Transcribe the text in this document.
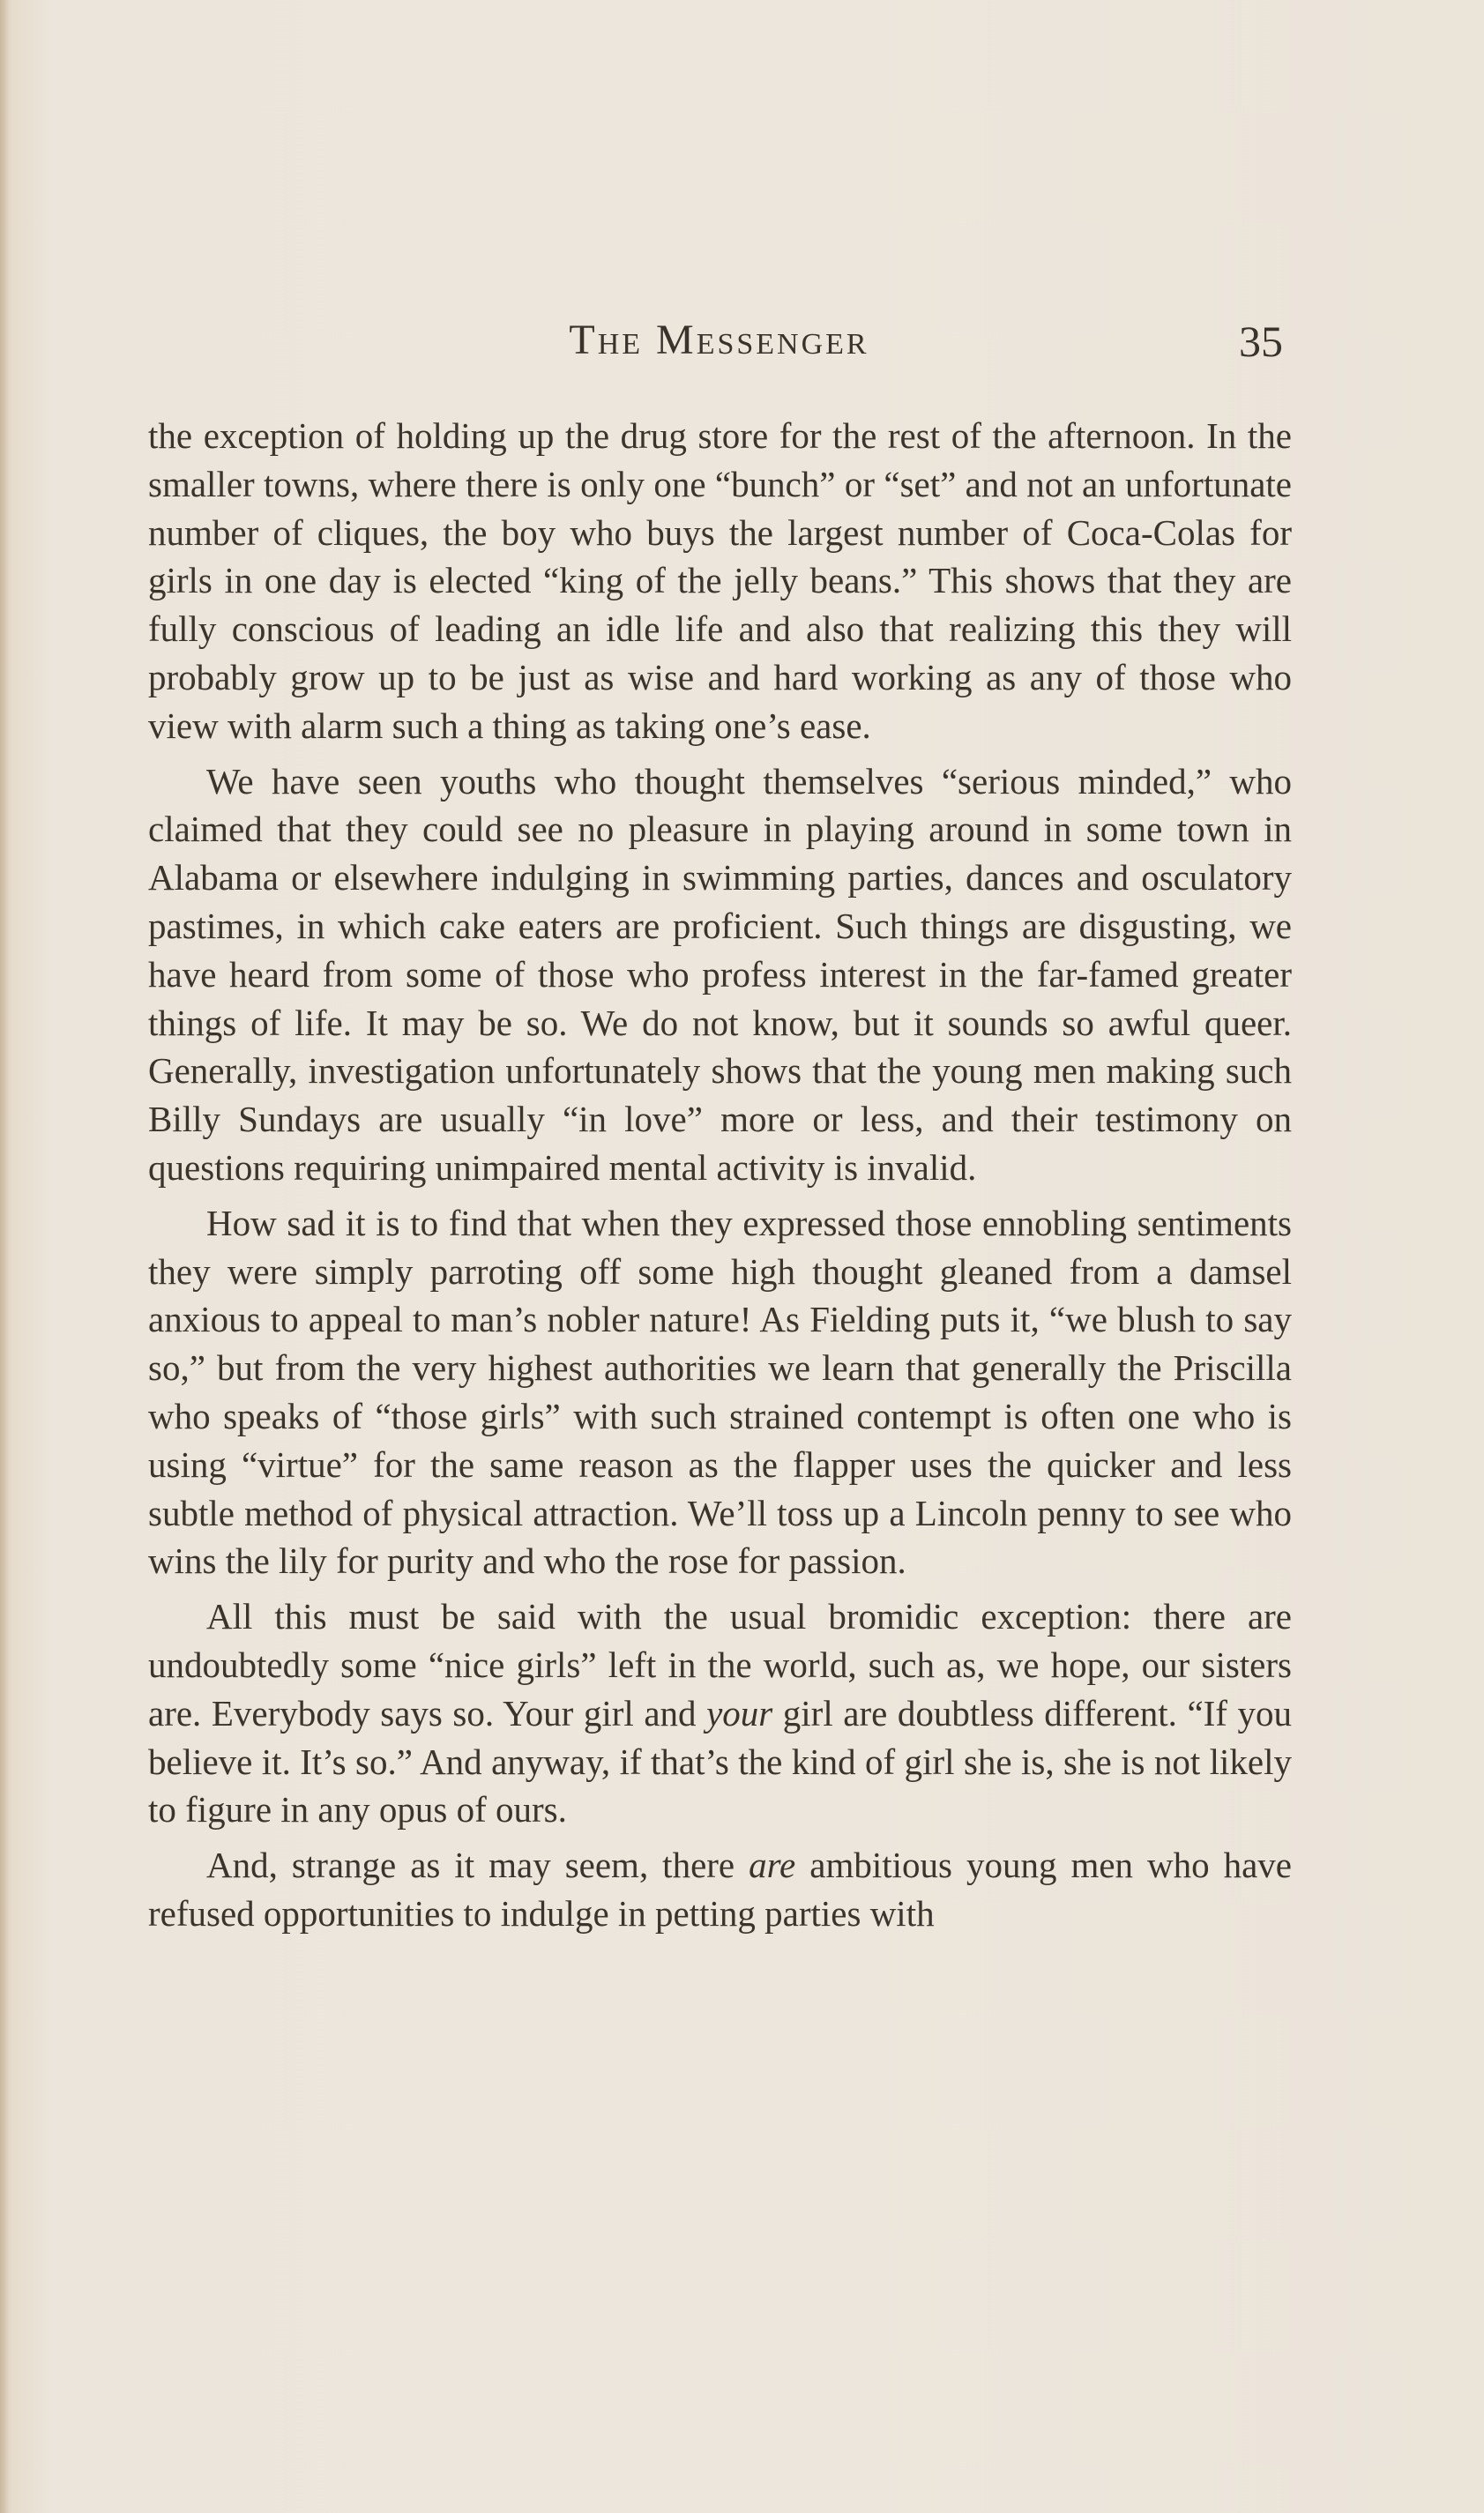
The Messenger	35

the exception of holding up the drug store for the rest of the afternoon. In the smaller towns, where there is only one “bunch” or “set” and not an unfortunate number of cliques, the boy who buys the largest number of Coca-Colas for girls in one day is elected “king of the jelly beans.” This shows that they are fully conscious of leading an idle life and also that realizing this they will probably grow up to be just as wise and hard working as any of those who view with alarm such a thing as taking one’s ease.

We have seen youths who thought themselves “serious minded,” who claimed that they could see no pleasure in playing around in some town in Alabama or elsewhere indulging in swimming parties, dances and osculatory pastimes, in which cake eaters are proficient. Such things are disgusting, we have heard from some of those who profess interest in the far-famed greater things of life. It may be so. We do not know, but it sounds so awful queer. Generally, investigation unfortunately shows that the young men making such Billy Sundays are usually “in love” more or less, and their testimony on questions requiring unimpaired mental activity is invalid.

How sad it is to find that when they expressed those ennobling sentiments they were simply parroting off some high thought gleaned from a damsel anxious to appeal to man’s nobler nature! As Fielding puts it, “we blush to say so,” but from the very highest authorities we learn that generally the Priscilla who speaks of “those girls” with such strained contempt is often one who is using “virtue” for the same reason as the flapper uses the quicker and less subtle method of physical attraction. We’ll toss up a Lincoln penny to see who wins the lily for purity and who the rose for passion.

All this must be said with the usual bromidic exception: there are undoubtedly some “nice girls” left in the world, such as, we hope, our sisters are. Everybody says so. Your girl and your girl are doubtless different. “If you believe it. It’s so.” And anyway, if that’s the kind of girl she is, she is not likely to figure in any opus of ours.

And, strange as it may seem, there are ambitious young men who have refused opportunities to indulge in petting parties with
